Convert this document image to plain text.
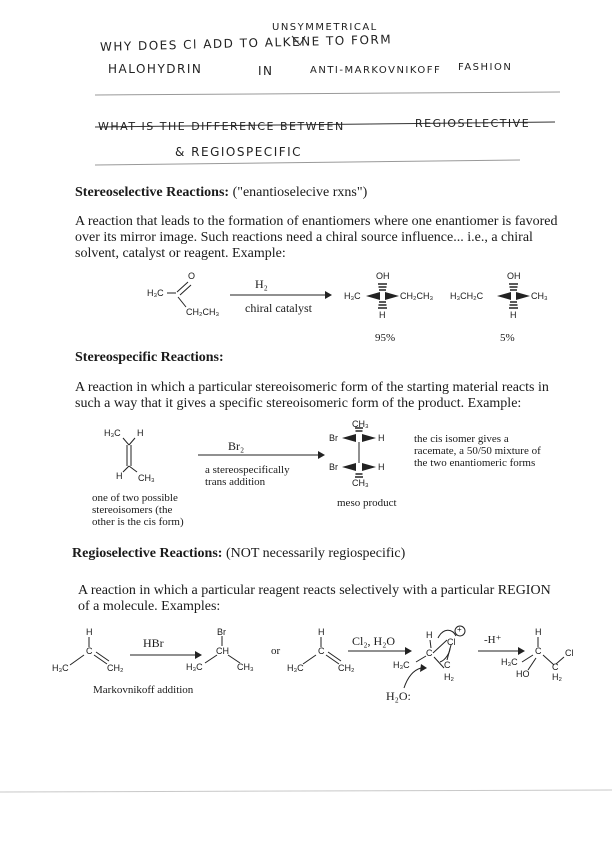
UNSYMMETRICAL
WHY DOES Cl ADD TO ALKENE TO FORM
HALOHYDRIN	IN	ANTI-MARKOVNIKOFF FASHION
WHAT IS THE DIFFERENCE BETWEEN	REGIOSELECTIVE
& REGIOSPECIFIC
Stereoselective Reactions: ("enantioselecive rxns")
A reaction that leads to the formation of enantiomers where one enantiomer is favored
over its mirror image. Such reactions need a chiral source influence... i.e., a chiral
solvent, catalyst or reagent. Example:
O
H₃C
CH₂CH₃
H₂
chiral catalyst
OH
H₃C	CH₂CH₃
H
95%
OH
H₃CH₂C	CH₃
H
5%
Stereospecific Reactions:
A reaction in which a particular stereoisomeric form of the starting material reacts in
such a way that it gives a specific stereoisomeric form of the product. Example:
H₃C H
H CH₃
one of two possible
stereoisomers (the
other is the cis form)
Br₂
a stereospecifically
trans addition
CH₃
Br	H
Br	H
CH₃
meso product
the cis isomer gives a
racemate, a 50/50 mixture of
the two enantiomeric forms
Regioselective Reactions: (NOT necessarily regiospecific)
A reaction in which a particular reagent reacts selectively with a particular REGION
of a molecule. Examples:
H
C
H₃C	CH₂
HBr
Br
CH
H₃C	CH₃
Markovnikoff addition
or
H
C
H₃C	CH₂
Cl₂, H₂O	H
C
Cl
+
H₃C	C
H₂
H₂O:
-H⁺
H
C
H₃C
HO
C
H₂
Cl
